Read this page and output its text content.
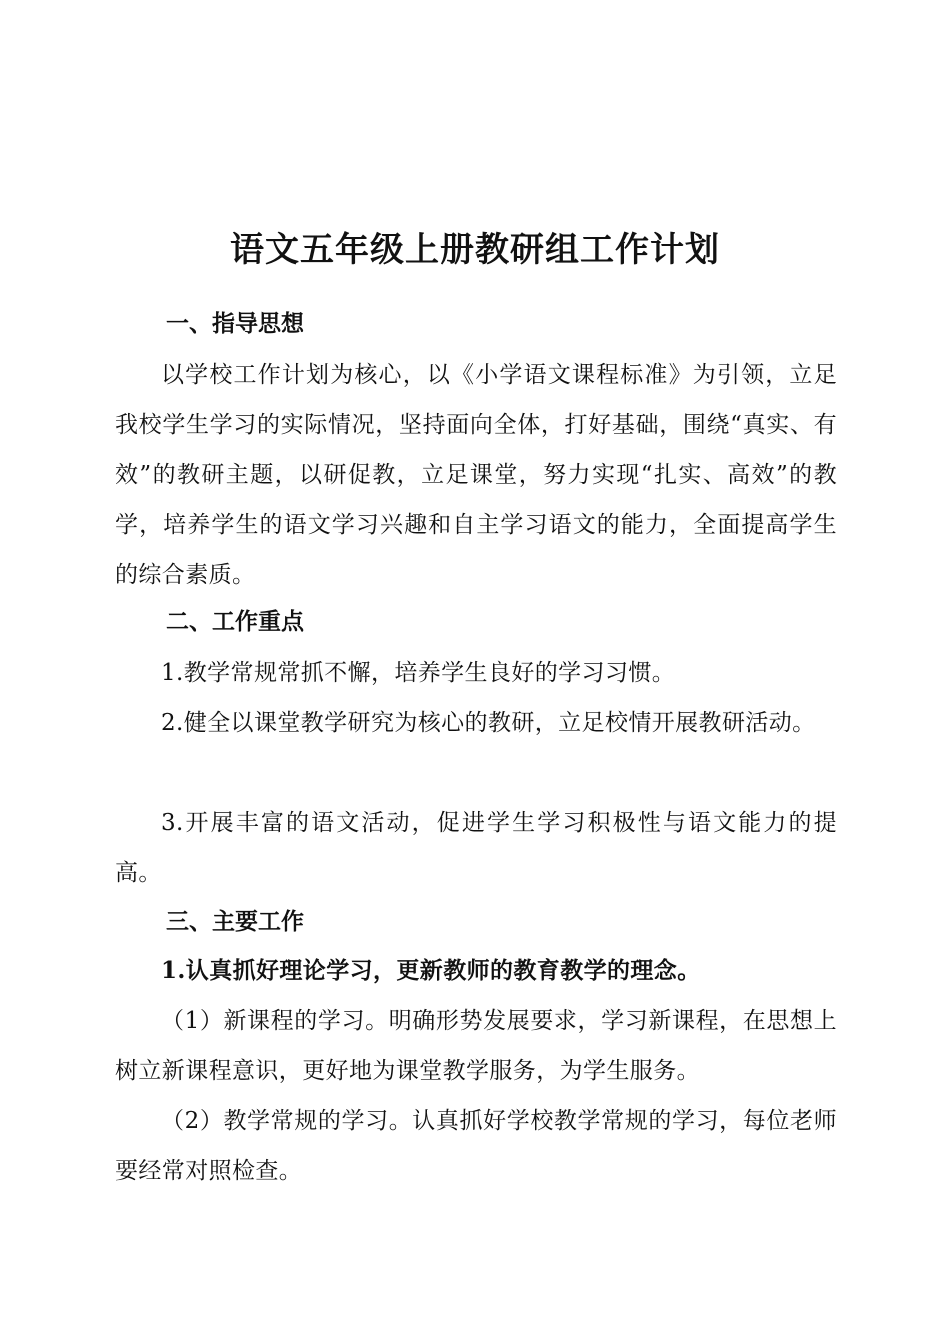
语文五年级上册教研组工作计划
一、指导思想

以学校工作计划为核心，以《小学语文课程标准》为引领，立足我校学生学习的实际情况，坚持面向全体，打好基础，围绕“真实、有效”的教研主题，以研促教，立足课堂，努力实现“扎实、高效”的教学，培养学生的语文学习兴趣和自主学习语文的能力，全面提高学生的综合素质。

二、工作重点

1.教学常规常抓不懈，培养学生良好的学习习惯。

2.健全以课堂教学研究为核心的教研，立足校情开展教研活动。

3.开展丰富的语文活动，促进学生学习积极性与语文能力的提高。

三、主要工作

1.认真抓好理论学习，更新教师的教育教学的理念。

（1）新课程的学习。明确形势发展要求，学习新课程，在思想上树立新课程意识，更好地为课堂教学服务，为学生服务。

（2）教学常规的学习。认真抓好学校教学常规的学习，每位老师要经常对照检查。
